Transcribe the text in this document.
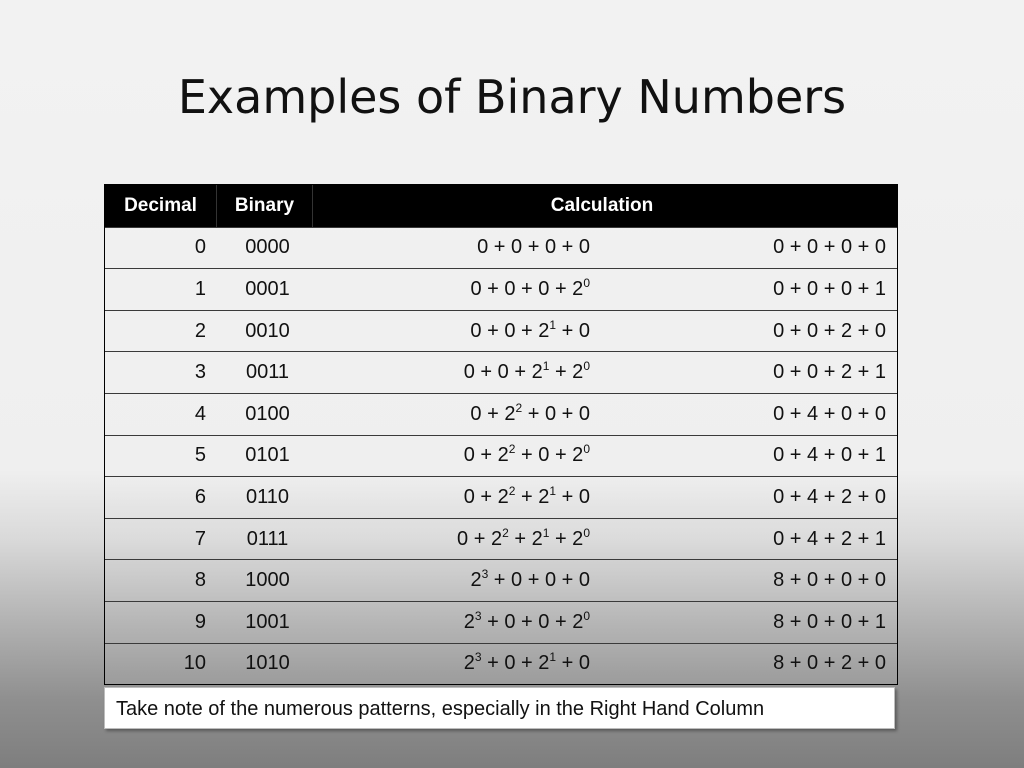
Examples of Binary Numbers
Decimal	Binary	Calculation
0	0000	0 + 0 + 0 + 0	0 + 0 + 0 + 0
1	0001	$0 + 0 + 0 + 2^0$	0 + 0 + 0 + 1
2	0010	$0 + 0 + 2^1 + 0$	0 + 0 + 2 + 0
3	0011	$0 + 0 + 2^1 + 2^0$	0 + 0 + 2 + 1
4	0100	$0 + 2^2 + 0 + 0$	0 + 4 + 0 + 0
5	0101	$0 + 2^2 + 0 + 2^0$	0 + 4 + 0 + 1
6	0110	$0 + 2^2 + 2^1 + 0$	0 + 4 + 2 + 0
7	0111	$0 + 2^2 + 2^1 + 2^0$	0 + 4 + 2 + 1
8	1000	$2^3 + 0 + 0 + 0$	8 + 0 + 0 + 0
9	1001	$2^3 + 0 + 0 + 2^0$	8 + 0 + 0 + 1
10	1010	$2^3 + 0 + 2^1 + 0$	8 + 0 + 2 + 0
Take note of the numerous patterns, especially in the Right Hand Column
